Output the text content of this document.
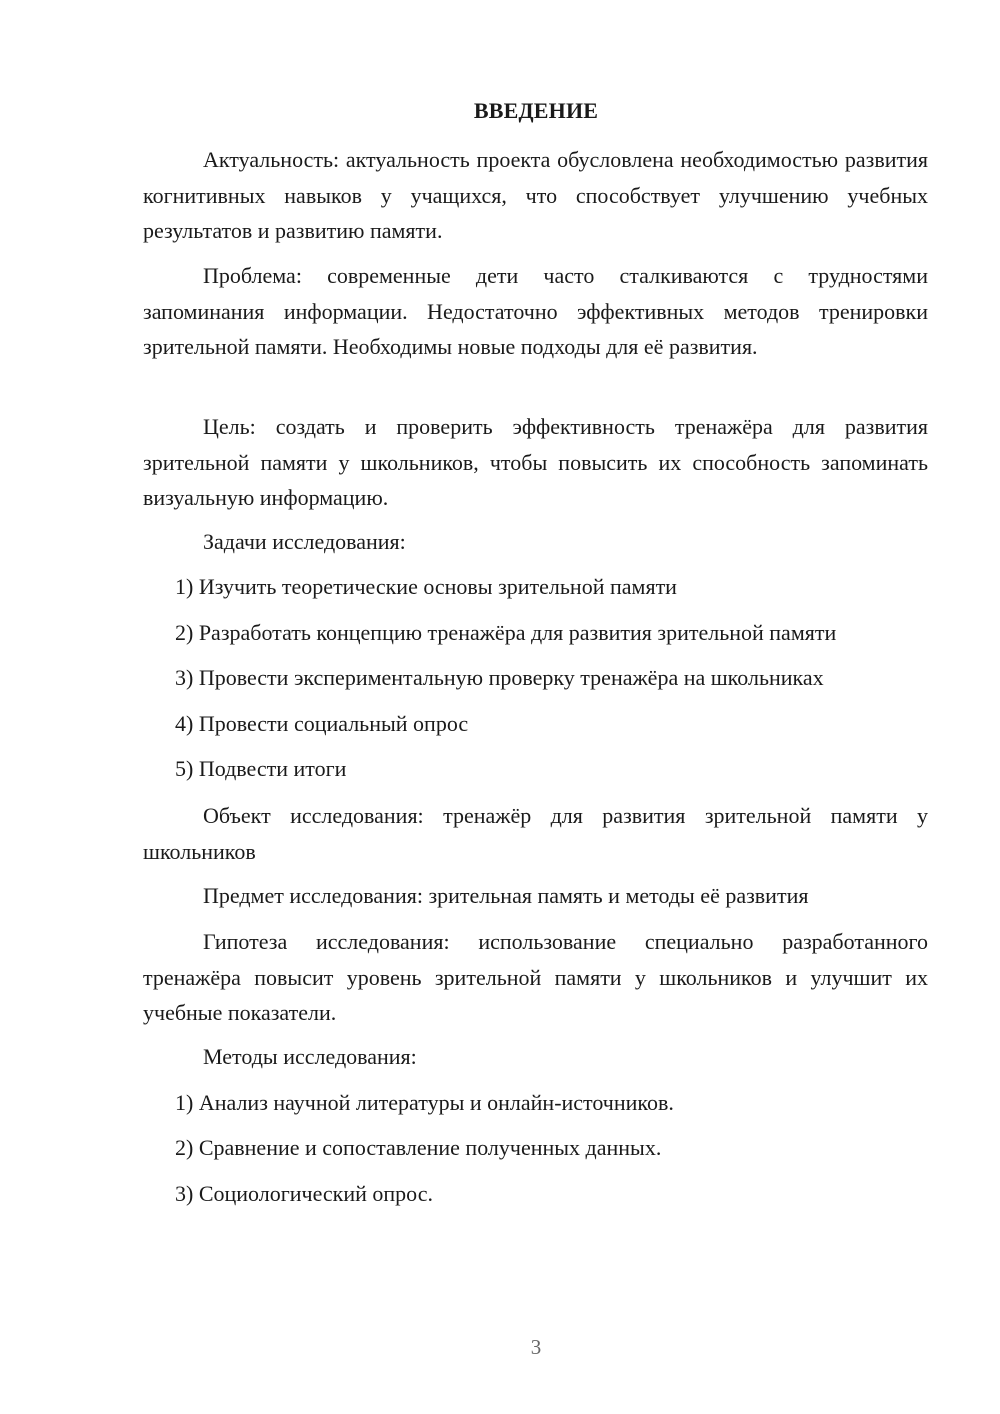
ВВЕДЕНИЕ

Актуальность: актуальность проекта обусловлена необходимостью развития когнитивных навыков у учащихся, что способствует улучшению учебных результатов и развитию памяти.

Проблема: современные дети часто сталкиваются с трудностями запоминания информации. Недостаточно эффективных методов тренировки зрительной памяти. Необходимы новые подходы для её развития.

Цель: создать и проверить эффективность тренажёра для развития зрительной памяти у школьников, чтобы повысить их способность запоминать визуальную информацию.

Задачи исследования:

1) Изучить теоретические основы зрительной памяти

2) Разработать концепцию тренажёра для развития зрительной памяти

3) Провести экспериментальную проверку тренажёра на школьниках

4) Провести социальный опрос

5) Подвести итоги

Объект исследования: тренажёр для развития зрительной памяти у школьников

Предмет исследования: зрительная память и методы её развития

Гипотеза исследования: использование специально разработанного тренажёра повысит уровень зрительной памяти у школьников и улучшит их учебные показатели.

Методы исследования:

1) Анализ научной литературы и онлайн-источников.

2) Сравнение и сопоставление полученных данных.

3) Социологический опрос.

3
